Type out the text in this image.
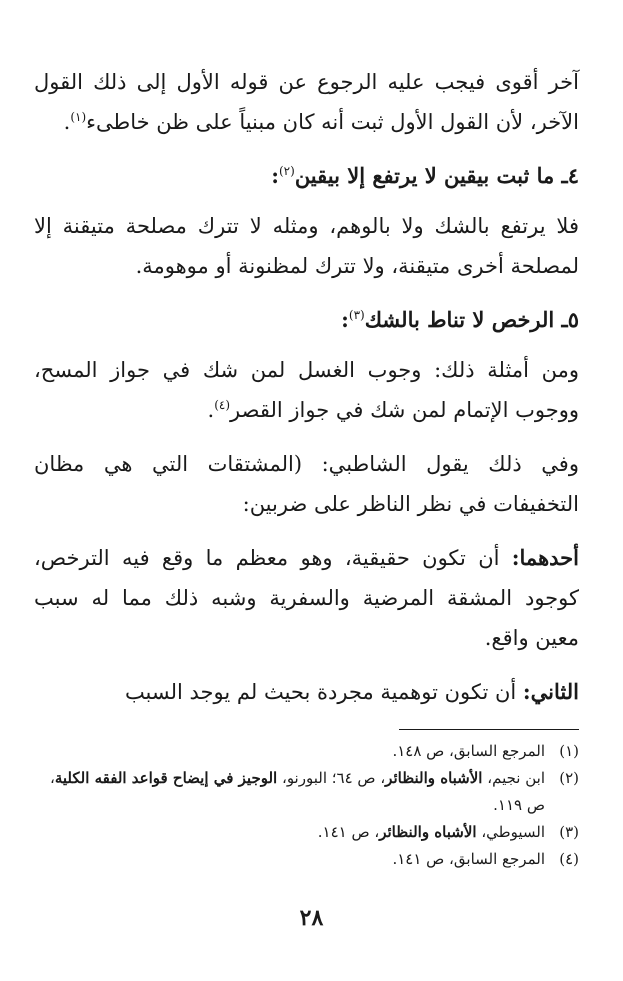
آخر أقوى فيجب عليه الرجوع عن قوله الأول إلى ذلك القول الآخر، لأن القول الأول ثبت أنه كان مبنياً على ظن خاطىء$^{(١)}$.

٤ـ ما ثبت بيقين لا يرتفع إلا بيقين$^{(٢)}$:

فلا يرتفع بالشك ولا بالوهم، ومثله لا تترك مصلحة متيقنة إلا لمصلحة أخرى متيقنة، ولا تترك لمظنونة أو موهومة.

٥ـ الرخص لا تناط بالشك$^{(٣)}$:

ومن أمثلة ذلك: وجوب الغسل لمن شك في جواز المسح، ووجوب الإتمام لمن شك في جواز القصر$^{(٤)}$.

وفي ذلك يقول الشاطبي: (المشتقات التي هي مظان التخفيفات في نظر الناظر على ضربين:

أحدهما: أن تكون حقيقية، وهو معظم ما وقع فيه الترخص، كوجود المشقة المرضية والسفرية وشبه ذلك مما له سبب معين واقع.

الثاني: أن تكون توهمية مجردة بحيث لم يوجد السبب

(١)
المرجع السابق، ص ١٤٨.
(٢)
ابن نجيم، الأشباه والنظائر، ص ٦٤؛ البورنو، الوجيز في إيضاح قواعد الفقه الكلية، ص ١١٩.
(٣)
السيوطي، الأشباه والنظائر، ص ١٤١.
(٤)
المرجع السابق، ص ١٤١.
٢٨
